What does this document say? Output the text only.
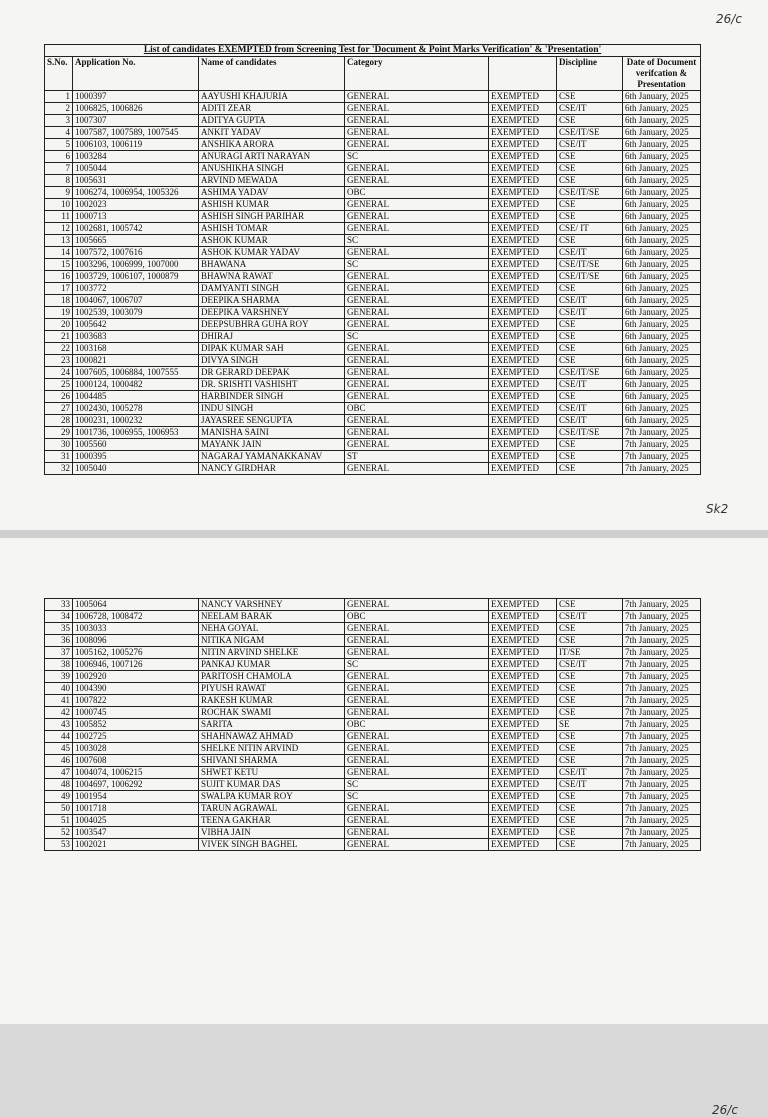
26/c
Sk2
26/c
List of candidates EXEMPTED from Screening Test for 'Document & Point Marks Verification' & 'Presentation'						
S.No.	Application No.	Name of candidates	Category		Discipline	Date of Document verifcation & Presentation
1	1000397	AAYUSHI KHAJURIA	GENERAL	EXEMPTED	CSE	6th January, 2025
2	1006825, 1006826	ADITI ZEAR	GENERAL	EXEMPTED	CSE/IT	6th January, 2025
3	1007307	ADITYA GUPTA	GENERAL	EXEMPTED	CSE	6th January, 2025
4	1007587, 1007589, 1007545	ANKIT YADAV	GENERAL	EXEMPTED	CSE/IT/SE	6th January, 2025
5	1006103, 1006119	ANSHIKA ARORA	GENERAL	EXEMPTED	CSE/IT	6th January, 2025
6	1003284	ANURAGI ARTI NARAYAN	SC	EXEMPTED	CSE	6th January, 2025
7	1005044	ANUSHIKHA SINGH	GENERAL	EXEMPTED	CSE	6th January, 2025
8	1005631	ARVIND MEWADA	GENERAL	EXEMPTED	CSE	6th January, 2025
9	1006274, 1006954, 1005326	ASHIMA YADAV	OBC	EXEMPTED	CSE/IT/SE	6th January, 2025
10	1002023	ASHISH KUMAR	GENERAL	EXEMPTED	CSE	6th January, 2025
11	1000713	ASHISH SINGH PARIHAR	GENERAL	EXEMPTED	CSE	6th January, 2025
12	1002681, 1005742	ASHISH TOMAR	GENERAL	EXEMPTED	CSE/ IT	6th January, 2025
13	1005665	ASHOK KUMAR	SC	EXEMPTED	CSE	6th January, 2025
14	1007572, 1007616	ASHOK KUMAR YADAV	GENERAL	EXEMPTED	CSE/IT	6th January, 2025
15	1003296, 1006999, 1007000	BHAWANA	SC	EXEMPTED	CSE/IT/SE	6th January, 2025
16	1003729, 1006107, 1000879	BHAWNA RAWAT	GENERAL	EXEMPTED	CSE/IT/SE	6th January, 2025
17	1003772	DAMYANTI SINGH	GENERAL	EXEMPTED	CSE	6th January, 2025
18	1004067, 1006707	DEEPIKA SHARMA	GENERAL	EXEMPTED	CSE/IT	6th January, 2025
19	1002539, 1003079	DEEPIKA VARSHNEY	GENERAL	EXEMPTED	CSE/IT	6th January, 2025
20	1005642	DEEPSUBHRA GUHA ROY	GENERAL	EXEMPTED	CSE	6th January, 2025
21	1003683	DHIRAJ	SC	EXEMPTED	CSE	6th January, 2025
22	1003168	DIPAK KUMAR SAH	GENERAL	EXEMPTED	CSE	6th January, 2025
23	1000821	DIVYA SINGH	GENERAL	EXEMPTED	CSE	6th January, 2025
24	1007605, 1006884, 1007555	DR GERARD DEEPAK	GENERAL	EXEMPTED	CSE/IT/SE	6th January, 2025
25	1000124, 1000482	DR. SRISHTI VASHISHT	GENERAL	EXEMPTED	CSE/IT	6th January, 2025
26	1004485	HARBINDER SINGH	GENERAL	EXEMPTED	CSE	6th January, 2025
27	1002430, 1005278	INDU SINGH	OBC	EXEMPTED	CSE/IT	6th January, 2025
28	1000231, 1000232	JAYASREE SENGUPTA	GENERAL	EXEMPTED	CSE/IT	6th January, 2025
29	1001736, 1006955, 1006953	MANISHA SAINI	GENERAL	EXEMPTED	CSE/IT/SE	7th January, 2025
30	1005560	MAYANK JAIN	GENERAL	EXEMPTED	CSE	7th January, 2025
31	1000395	NAGARAJ YAMANAKKANAV	ST	EXEMPTED	CSE	7th January, 2025
32	1005040	NANCY GIRDHAR	GENERAL	EXEMPTED	CSE	7th January, 2025
33	1005064	NANCY VARSHNEY	GENERAL	EXEMPTED	CSE	7th January, 2025
34	1006728, 1008472	NEELAM BARAK	OBC	EXEMPTED	CSE/IT	7th January, 2025
35	1003033	NEHA GOYAL	GENERAL	EXEMPTED	CSE	7th January, 2025
36	1008096	NITIKA NIGAM	GENERAL	EXEMPTED	CSE	7th January, 2025
37	1005162, 1005276	NITIN ARVIND SHELKE	GENERAL	EXEMPTED	IT/SE	7th January, 2025
38	1006946, 1007126	PANKAJ KUMAR	SC	EXEMPTED	CSE/IT	7th January, 2025
39	1002920	PARITOSH CHAMOLA	GENERAL	EXEMPTED	CSE	7th January, 2025
40	1004390	PIYUSH RAWAT	GENERAL	EXEMPTED	CSE	7th January, 2025
41	1007822	RAKESH KUMAR	GENERAL	EXEMPTED	CSE	7th January, 2025
42	1000745	ROCHAK SWAMI	GENERAL	EXEMPTED	CSE	7th January, 2025
43	1005852	SARITA	OBC	EXEMPTED	SE	7th January, 2025
44	1002725	SHAHNAWAZ AHMAD	GENERAL	EXEMPTED	CSE	7th January, 2025
45	1003028	SHELKE NITIN ARVIND	GENERAL	EXEMPTED	CSE	7th January, 2025
46	1007608	SHIVANI SHARMA	GENERAL	EXEMPTED	CSE	7th January, 2025
47	1004074, 1006215	SHWET KETU	GENERAL	EXEMPTED	CSE/IT	7th January, 2025
48	1004697, 1006292	SUJIT KUMAR DAS	SC	EXEMPTED	CSE/IT	7th January, 2025
49	1001954	SWALPA KUMAR ROY	SC	EXEMPTED	CSE	7th January, 2025
50	1001718	TARUN AGRAWAL	GENERAL	EXEMPTED	CSE	7th January, 2025
51	1004025	TEENA GAKHAR	GENERAL	EXEMPTED	CSE	7th January, 2025
52	1003547	VIBHA JAIN	GENERAL	EXEMPTED	CSE	7th January, 2025
53	1002021	VIVEK SINGH BAGHEL	GENERAL	EXEMPTED	CSE	7th January, 2025
